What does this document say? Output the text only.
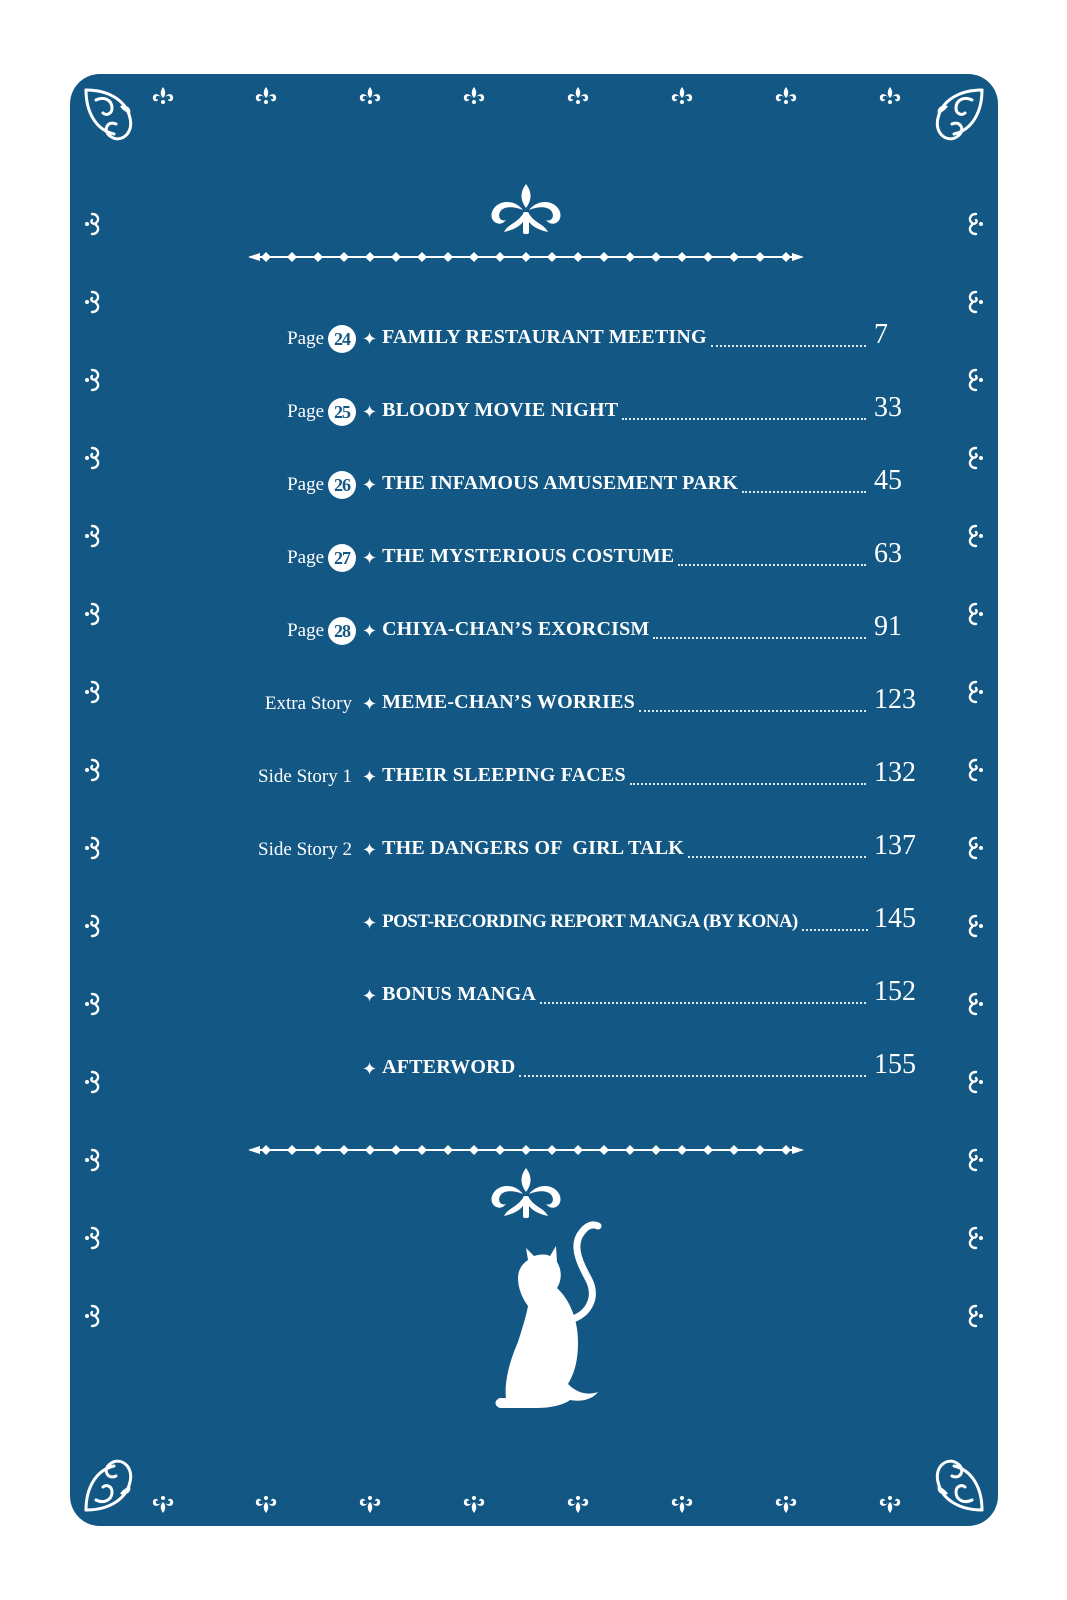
Page 24 ✦ FAMILY RESTAURANT MEETING	7
Page 25 ✦ BLOODY MOVIE NIGHT	33
Page 26 ✦ THE INFAMOUS AMUSEMENT PARK	45
Page 27 ✦ THE MYSTERIOUS COSTUME	63
Page 28 ✦ CHIYA-CHAN’S EXORCISM	91
Extra Story ✦ MEME-CHAN’S WORRIES	123
Side Story 1 ✦ THEIR SLEEPING FACES	132
Side Story 2 ✦ THE DANGERS OF  GIRL TALK	137
✦ POST-RECORDING REPORT MANGA (BY KONA)	145
✦ BONUS MANGA	152
✦ AFTERWORD	155
